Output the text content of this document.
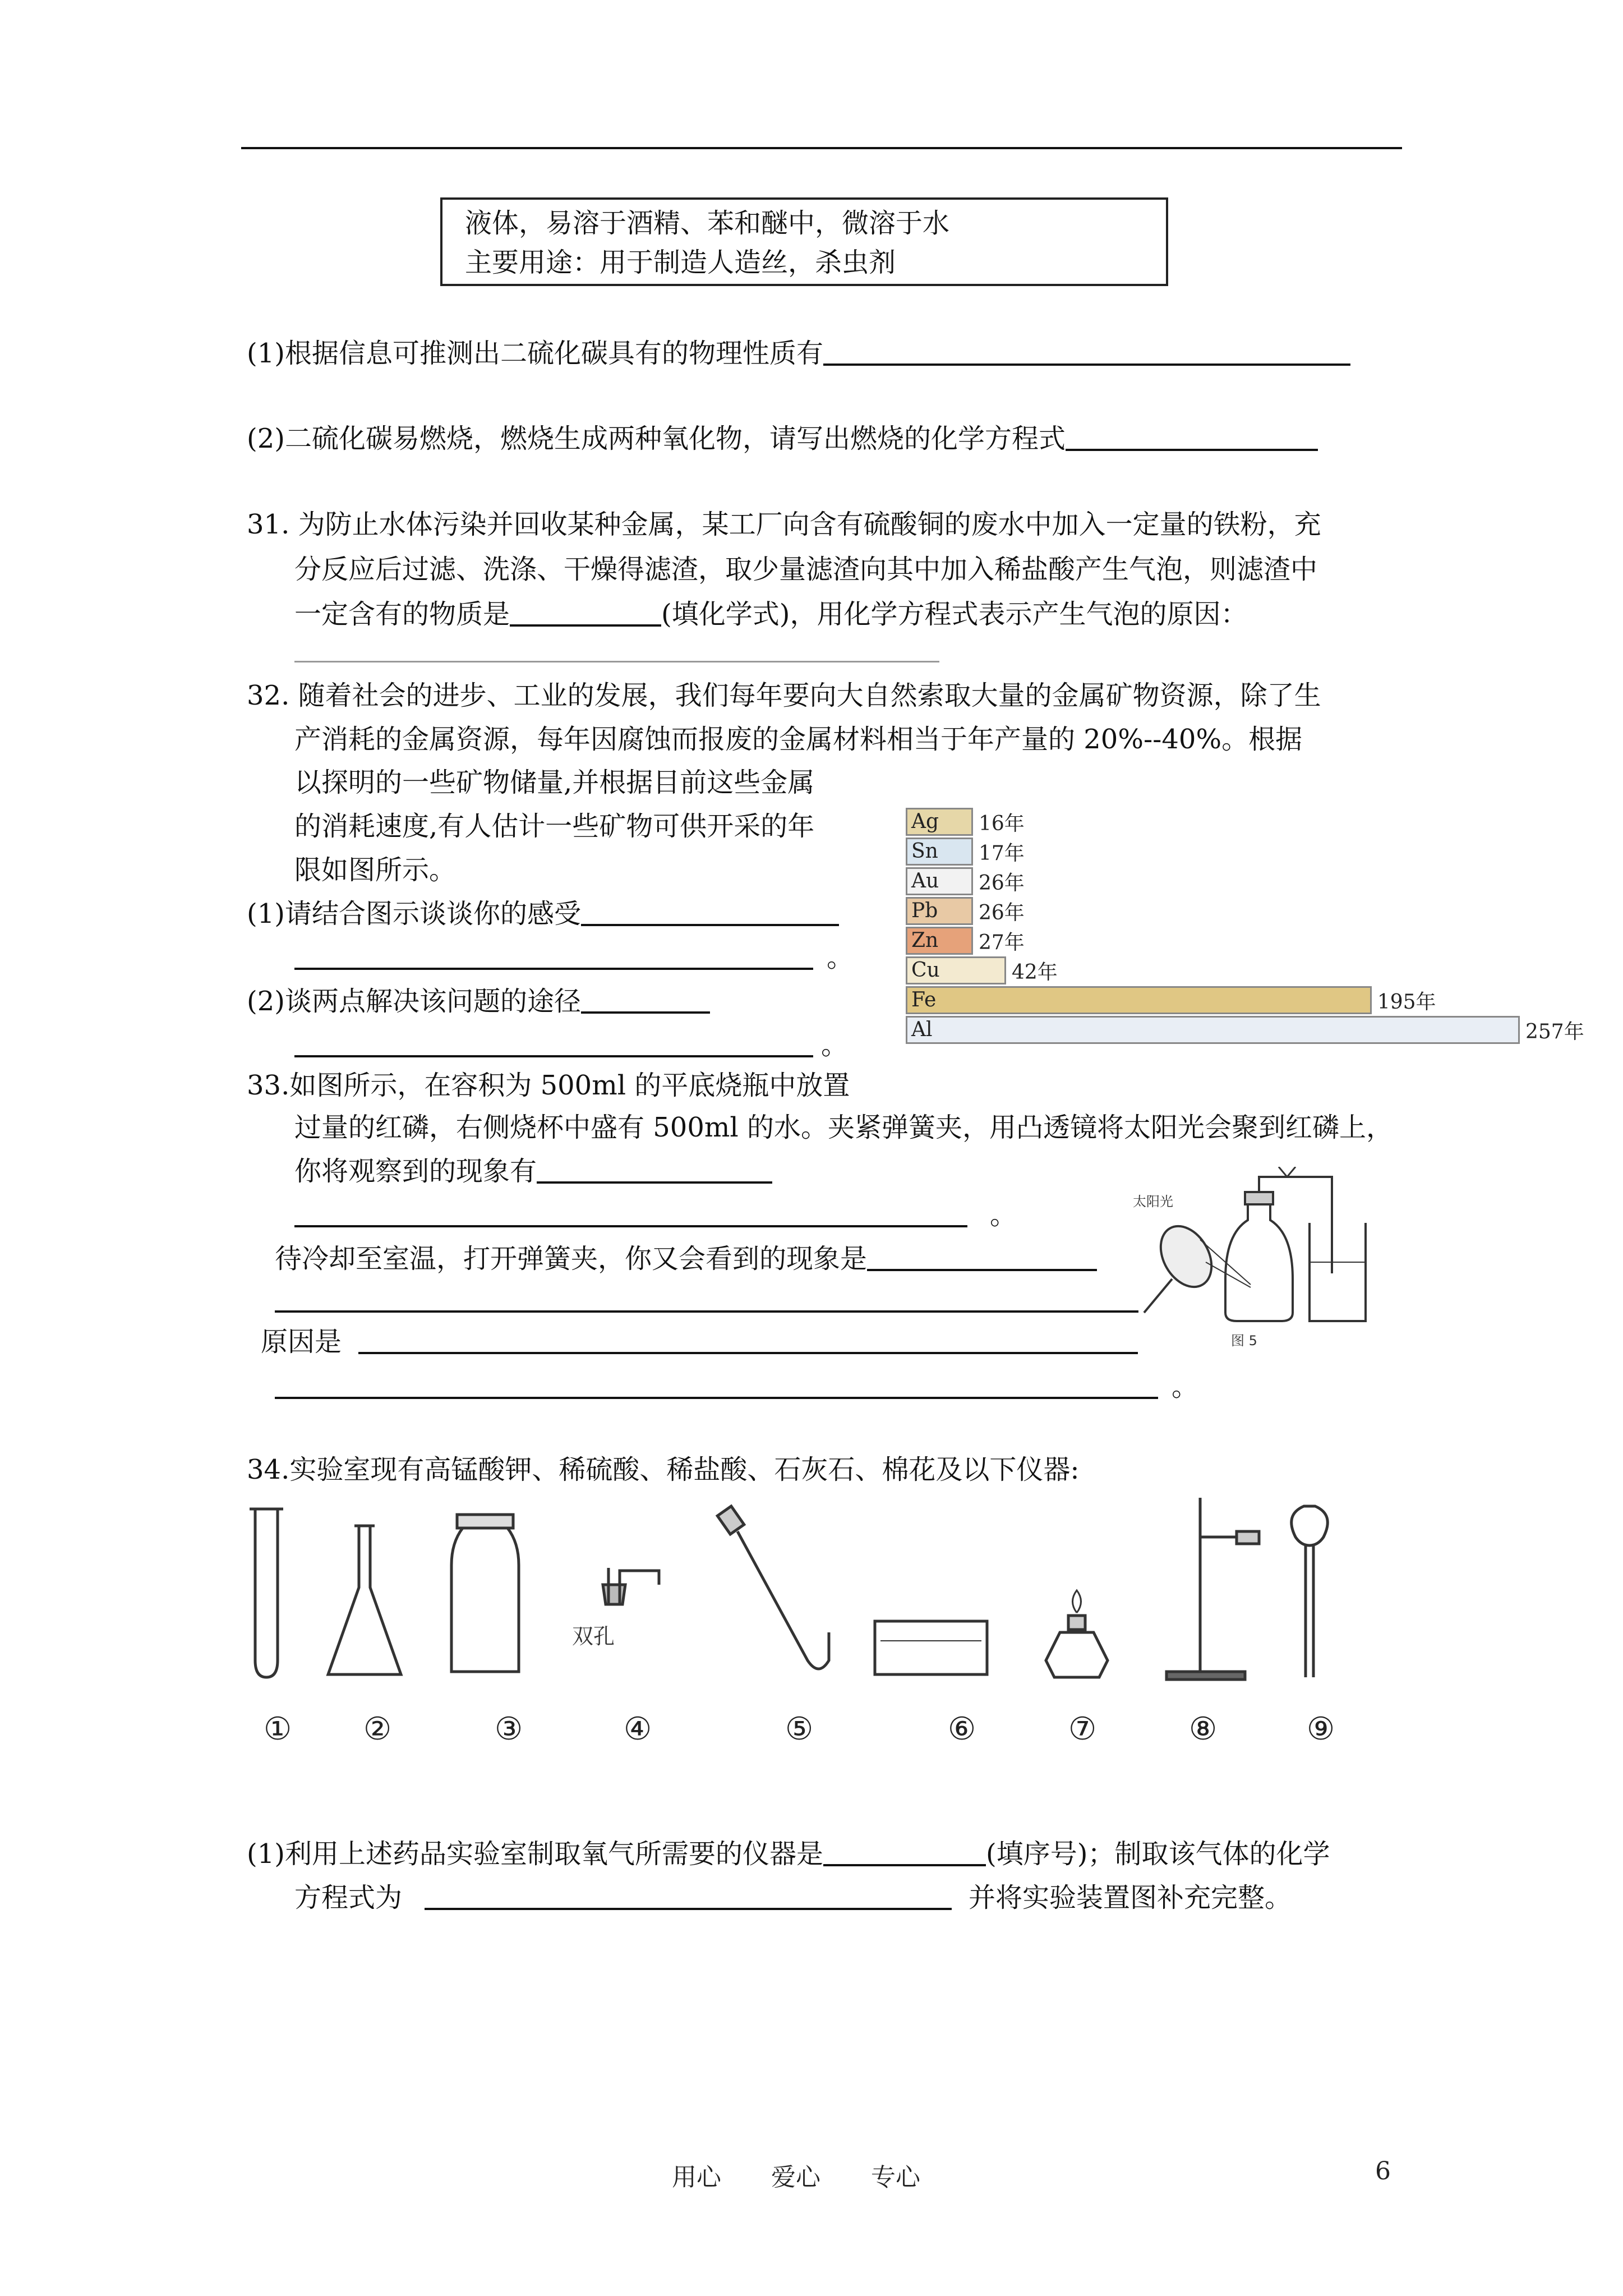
液体，易溶于酒精、苯和醚中，微溶于水
主要用途：用于制造人造丝，杀虫剂
(1)根据信息可推测出二硫化碳具有的物理性质有
(2)二硫化碳易燃烧，燃烧生成两种氧化物，请写出燃烧的化学方程式
31. 为防止水体污染并回收某种金属，某工厂向含有硫酸铜的废水中加入一定量的铁粉，充
分反应后过滤、洗涤、干燥得滤渣，取少量滤渣向其中加入稀盐酸产生气泡，则滤渣中
一定含有的物质是	(填化学式)，用化学方程式表示产生气泡的原因：
32. 随着社会的进步、工业的发展，我们每年要向大自然索取大量的金属矿物资源，除了生
产消耗的金属资源，每年因腐蚀而报废的金属材料相当于年产量的 20%--40%。根据
以探明的一些矿物储量,并根据目前这些金属
的消耗速度,有人估计一些矿物可供开采的年
限如图所示。
(1)请结合图示谈谈你的感受
。
(2)谈两点解决该问题的途径
。
Ag 16年
Sn 17年
Au 26年
Pb 26年
Zn 27年
Cu	42年
Fe	195年
Al	257年
33.如图所示，在容积为 500ml 的平底烧瓶中放置
过量的红磷，右侧烧杯中盛有 500ml 的水。夹紧弹簧夹，用凸透镜将太阳光会聚到红磷上，
你将观察到的现象有
。
待冷却至室温，打开弹簧夹，你又会看到的现象是
原因是
。
太阳光
图 5
34.实验室现有高锰酸钾、稀硫酸、稀盐酸、石灰石、棉花及以下仪器:
双孔
① ②	③	④	⑤	⑥	⑦	⑧	⑨
(1)利用上述药品实验室制取氧气所需要的仪器是	(填序号)；制取该气体的化学
方程式为	并将实验装置图补充完整。
用心 爱心 专心	6
